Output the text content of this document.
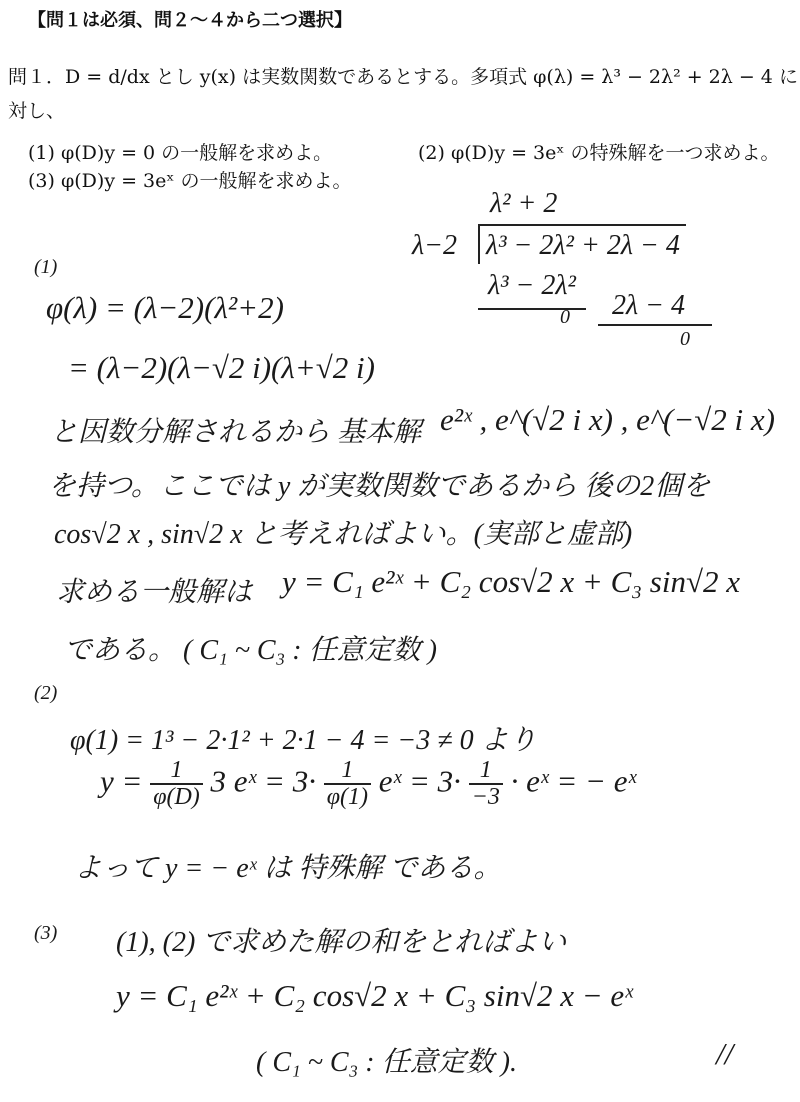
【問１は必須、問２〜４から二つ選択】
問１．D = d/dx とし y(x) は実数関数であるとする。多項式 φ(λ) = λ³ − 2λ² + 2λ − 4 に
対し、
(1) φ(D)y = 0 の一般解を求めよ。	(2) φ(D)y = 3eˣ の特殊解を一つ求めよ。
(3) φ(D)y = 3eˣ の一般解を求めよ。
λ² + 2
λ−2 λ³ − 2λ² + 2λ − 4
λ³ − 2λ²
0 2λ − 4
0
(1)
φ(λ) = (λ−2)(λ²+2)
= (λ−2)(λ−√2 i)(λ+√2 i)
と因数分解されるから 基本解 e²ˣ , e^(√2 i x) , e^(−√2 i x)
を持つ。ここでは y が実数関数であるから 後の2個を
cos√2 x , sin√2 x と考えればよい。(実部と虚部)
求める一般解は y = C₁ e²ˣ + C₂ cos√2 x + C₃ sin√2 x
である。 ( C₁ ~ C₃ : 任意定数 )
(2)
φ(1) = 1³ − 2·1² + 2·1 − 4 = −3 ≠ 0 より
$y = \frac{1}{\varphi(D)} 3$ eˣ = $3\cdot \frac{1}{\varphi(1)}$ eˣ = $3\cdot \frac{1}{-3}$ · eˣ = − eˣ
よって y = − eˣ は 特殊解 である。
(3) (1), (2) で求めた解の和をとればよい
y = C₁ e²ˣ + C₂ cos√2 x + C₃ sin√2 x − eˣ
( C₁ ~ C₃ : 任意定数 ).	//
